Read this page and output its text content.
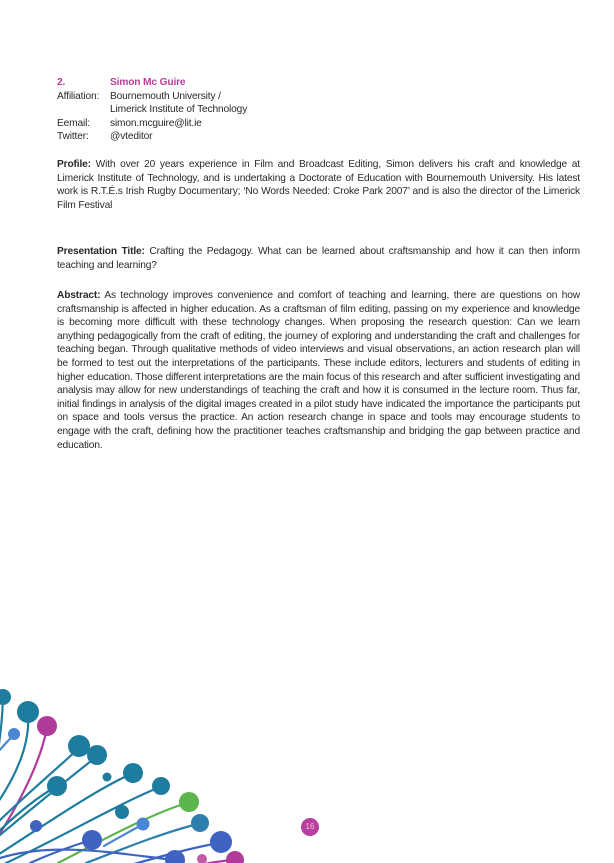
2.	Simon Mc Guire
Affiliation:	Bournemouth University /
Limerick Institute of Technology
Eemail:	simon.mcguire@lit.ie
Twitter:	@vteditor

Profile: With over 20 years experience in Film and Broadcast Editing, Simon delivers his craft and knowledge at Limerick Institute of Technology, and is undertaking a Doctorate of Education with Bournemouth University. His latest work is R.T.É.s Irish Rugby Documentary; ‘No Words Needed: Croke Park 2007’ and is also the director of the Limerick Film Festival

Presentation Title: Crafting the Pedagogy. What can be learned about craftsmanship and how it can then inform teaching and learning?

Abstract: As technology improves convenience and comfort of teaching and learning, there are questions on how craftsmanship is affected in higher education. As a craftsman of film editing, passing on my experience and knowledge is becoming more difficult with these technology changes. When proposing the research question: Can we learn anything pedagogically from the craft of editing, the journey of exploring and understanding the craft and challenges for teaching began. Through qualitative methods of video interviews and visual observations, an action research plan will be formed to test out the interpretations of the participants. These include editors, lecturers and students of editing in higher education. Those different interpretations are the main focus of this research and after sufficient investigating and analysis may allow for new understandings of teaching the craft and how it is consumed in the lecture room. Thus far, initial findings in analysis of the digital images created in a pilot study have indicated the importance the participants put on space and tools versus the practice. An action research change in space and tools may encourage students to engage with the craft, defining how the practitioner teaches craftsmanship and bridging the gap between practice and education.

16
